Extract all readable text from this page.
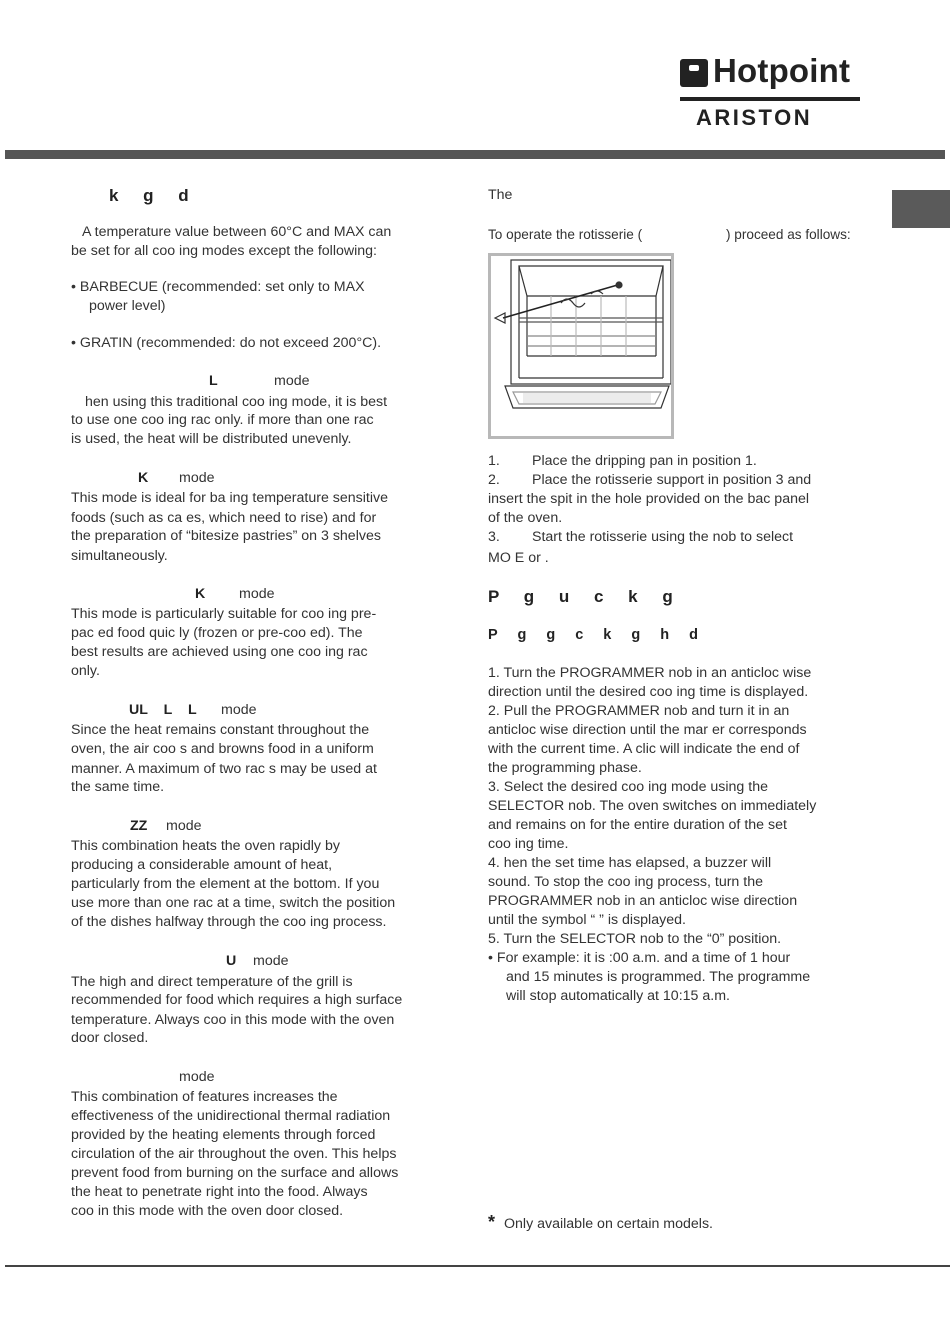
Hotpoint
ARISTON
k g d
A temperature value between 60°C and MAX can
be set for all coo ing modes except the following:
• BARBECUE (recommended: set only to MAX
power level)
• GRATIN (recommended: do not exceed 200°C).
L	mode
hen using this traditional coo ing mode, it is best
to use one coo ing rac only. if more than one rac
is used, the heat will be distributed unevenly.
K mode
This mode is ideal for ba ing temperature sensitive
foods (such as ca es, which need to rise) and for
the preparation of “bitesize pastries” on 3 shelves
simultaneously.
K mode
This mode is particularly suitable for coo ing pre-
pac ed food quic ly (frozen or pre-coo ed). The
best results are achieved using one coo ing rac
only.
UL L L mode
Since the heat remains constant throughout the
oven, the air coo s and browns food in a uniform
manner. A maximum of two rac s may be used at
the same time.
ZZ mode
This combination heats the oven rapidly by
producing a considerable amount of heat,
particularly from the element at the bottom. If you
use more than one rac at a time, switch the position
of the dishes halfway through the coo ing process.
U mode
The high and direct temperature of the grill is
recommended for food which requires a high surface
temperature. Always coo in this mode with the oven
door closed.
mode
This combination of features increases the
effectiveness of the unidirectional thermal radiation
provided by the heating elements through forced
circulation of the air throughout the oven. This helps
prevent food from burning on the surface and allows
the heat to penetrate right into the food. Always
coo in this mode with the oven door closed.
The
To operate the rotisserie (	) proceed as follows:
1. Place the dripping pan in position 1.
2. Place the rotisserie support in position 3 and
insert the spit in the hole provided on the bac panel
of the oven.
3. Start the rotisserie using the nob to select
MO E or .
P g u c k g
P g g c k g h d
1. Turn the PROGRAMMER nob in an anticloc wise
direction until the desired coo ing time is displayed.
2. Pull the PROGRAMMER nob and turn it in an
anticloc wise direction until the mar er corresponds
with the current time. A clic will indicate the end of
the programming phase.
3. Select the desired coo ing mode using the
SELECTOR nob. The oven switches on immediately
and remains on for the entire duration of the set
coo ing time.
4. hen the set time has elapsed, a buzzer will
sound. To stop the coo ing process, turn the
PROGRAMMER nob in an anticloc wise direction
until the symbol “ ” is displayed.
5. Turn the SELECTOR nob to the “0” position.
• For example: it is :00 a.m. and a time of 1 hour
and 15 minutes is programmed. The programme
will stop automatically at 10:15 a.m.
* Only available on certain models.
